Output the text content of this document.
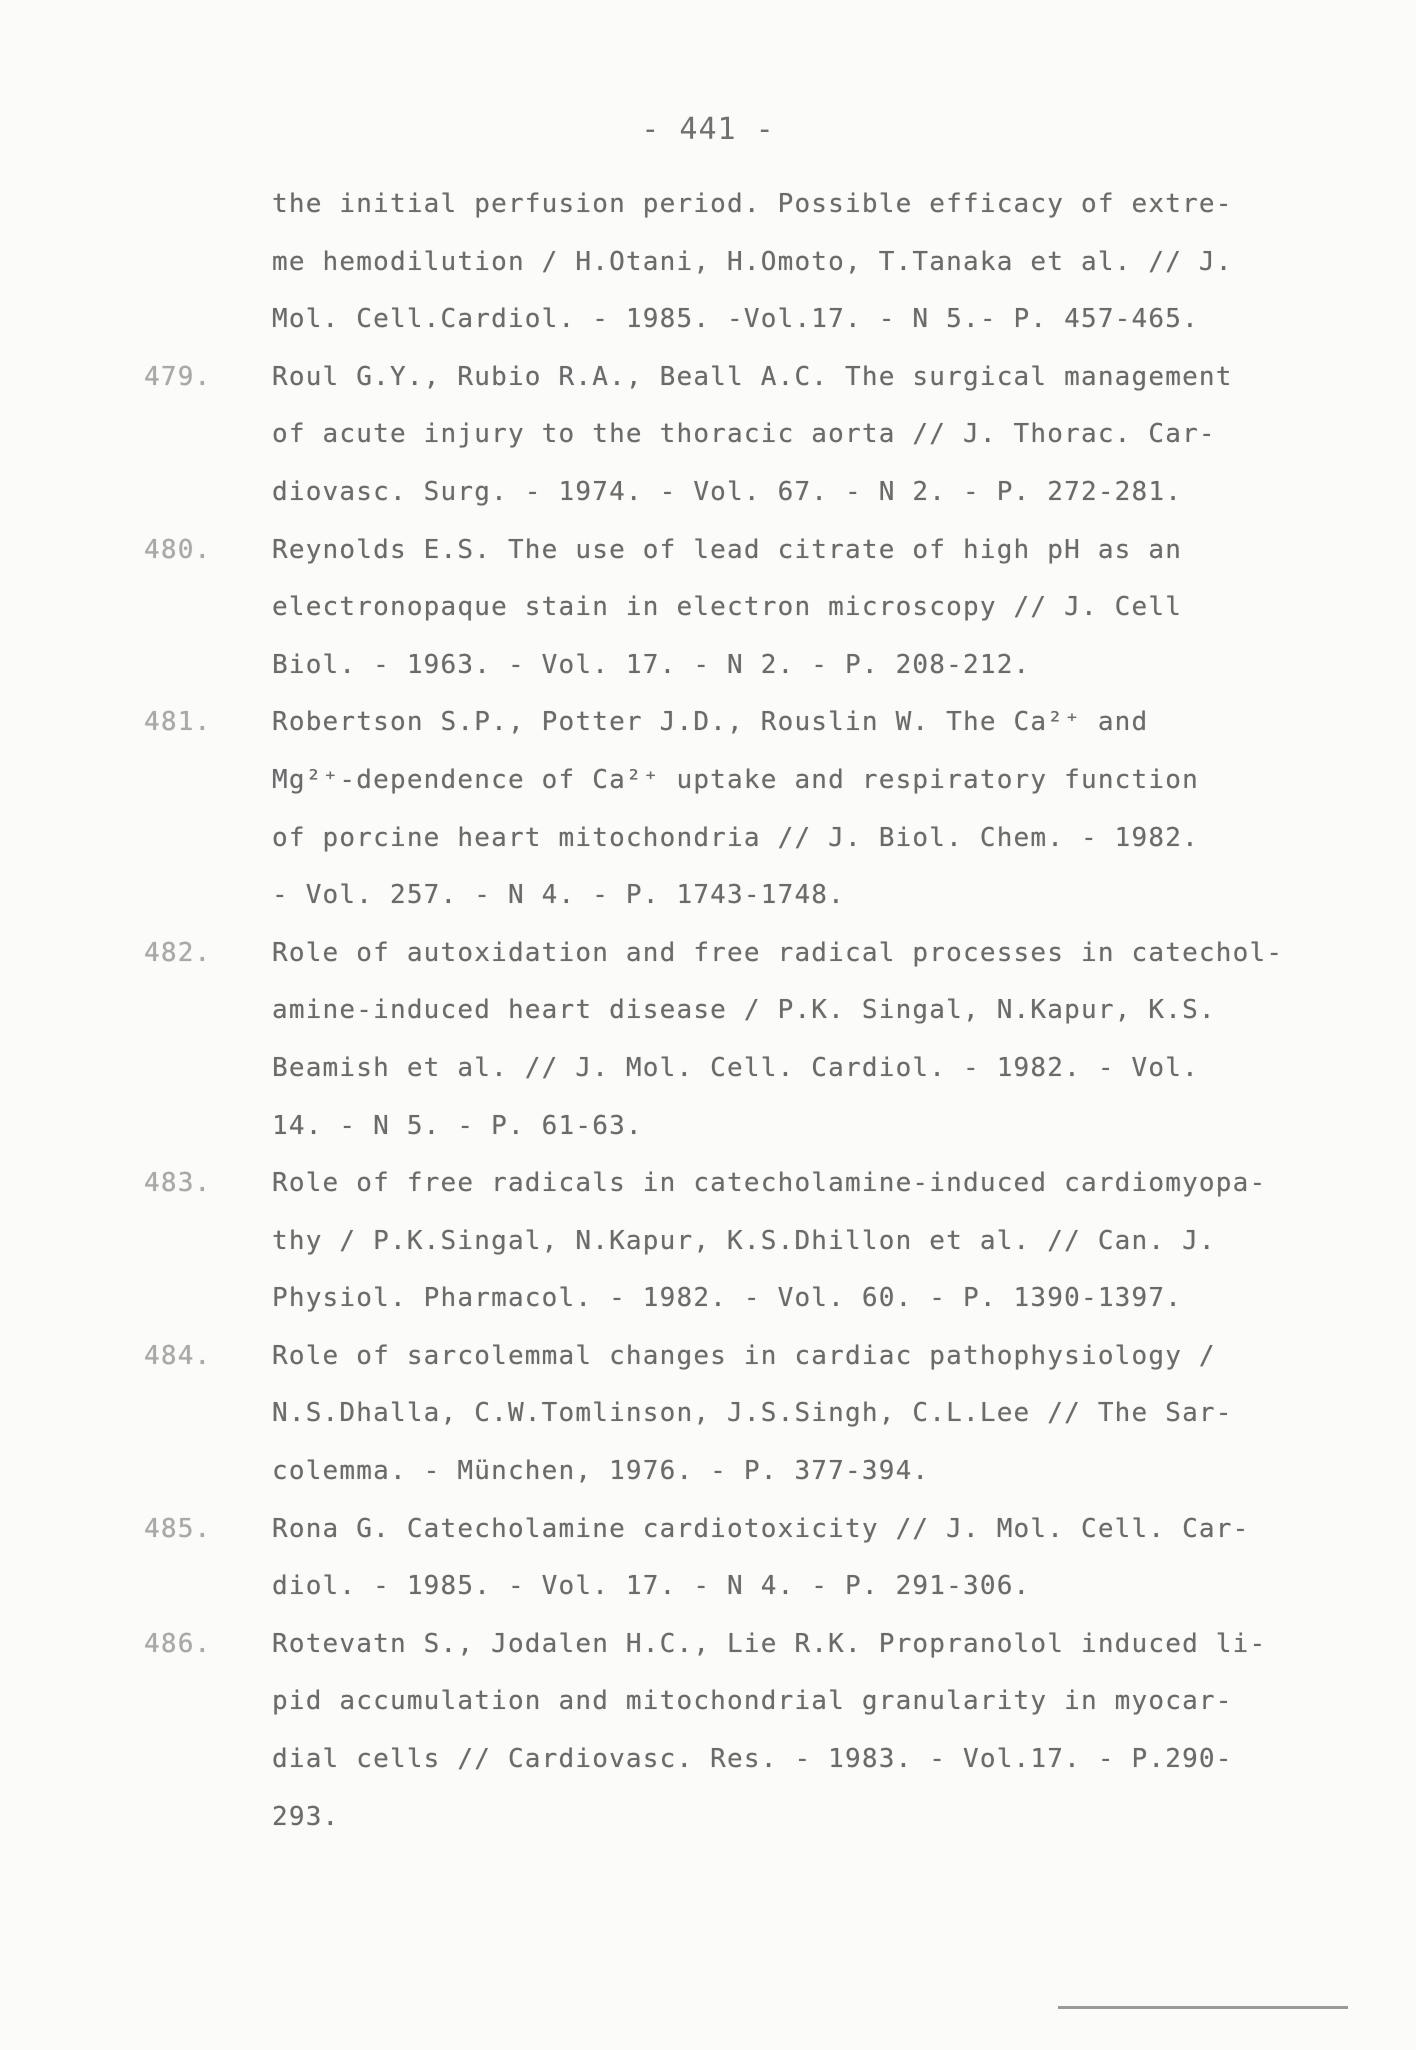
- 441 -
the initial perfusion period. Possible efficacy of extre-
me hemodilution / H.Otani, H.Omoto, T.Tanaka et al. // J.
Mol. Cell.Cardiol. - 1985. -Vol.17. - N 5.- P. 457-465.
479. Roul G.Y., Rubio R.A., Beall A.C. The surgical management
of acute injury to the thoracic aorta // J. Thorac. Car-
diovasc. Surg. - 1974. - Vol. 67. - N 2. - P. 272-281.
480. Reynolds E.S. The use of lead citrate of high pH as an
electronopaque stain in electron microscopy // J. Cell
Biol. - 1963. - Vol. 17. - N 2. - P. 208-212.
481. Robertson S.P., Potter J.D., Rouslin W. The Ca²⁺ and
Mg²⁺-dependence of Ca²⁺ uptake and respiratory function
of porcine heart mitochondria // J. Biol. Chem. - 1982.
- Vol. 257. - N 4. - P. 1743-1748.
482. Role of autoxidation and free radical processes in catechol-
amine-induced heart disease / P.K. Singal, N.Kapur, K.S.
Beamish et al. // J. Mol. Cell. Cardiol. - 1982. - Vol.
14. - N 5. - P. 61-63.
483. Role of free radicals in catecholamine-induced cardiomyopa-
thy / P.K.Singal, N.Kapur, K.S.Dhillon et al. // Can. J.
Physiol. Pharmacol. - 1982. - Vol. 60. - P. 1390-1397.
484. Role of sarcolemmal changes in cardiac pathophysiology /
N.S.Dhalla, C.W.Tomlinson, J.S.Singh, C.L.Lee // The Sar-
colemma. - München, 1976. - P. 377-394.
485. Rona G. Catecholamine cardiotoxicity // J. Mol. Cell. Car-
diol. - 1985. - Vol. 17. - N 4. - P. 291-306.
486. Rotevatn S., Jodalen H.C., Lie R.K. Propranolol induced li-
pid accumulation and mitochondrial granularity in myocar-
dial cells // Cardiovasc. Res. - 1983. - Vol.17. - P.290-
293.
